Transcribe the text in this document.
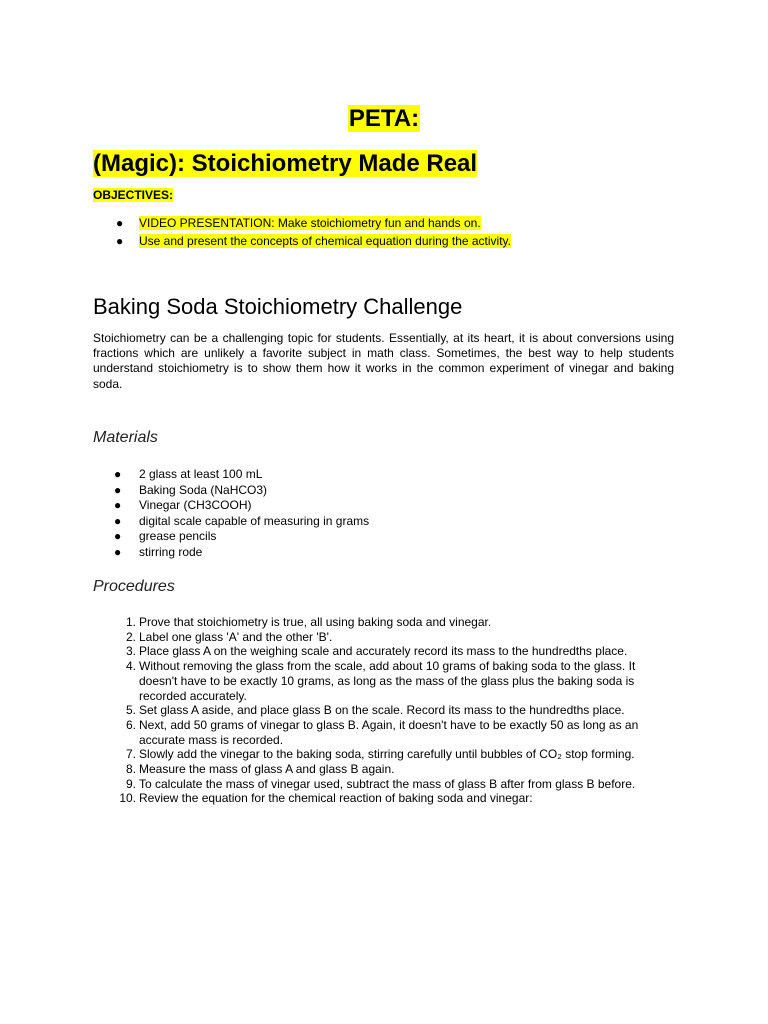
PETA:
(Magic): Stoichiometry Made Real
OBJECTIVES:
● VIDEO PRESENTATION: Make stoichiometry fun and hands on.
● Use and present the concepts of chemical equation during the activity.
Baking Soda Stoichiometry Challenge
Stoichiometry can be a challenging topic for students. Essentially, at its heart, it is about conversions using fractions which are unlikely a favorite subject in math class. Sometimes, the best way to help students understand stoichiometry is to show them how it works in the common experiment of vinegar and baking soda.
Materials
● 2 glass at least 100 mL
● Baking Soda (NaHCO3)
● Vinegar (CH3COOH)
● digital scale capable of measuring in grams
● grease pencils
● stirring rode
Procedures
1. Prove that stoichiometry is true, all using baking soda and vinegar.
2. Label one glass 'A' and the other 'B'.
3. Place glass A on the weighing scale and accurately record its mass to the hundredths place.
4. Without removing the glass from the scale, add about 10 grams of baking soda to the glass. It doesn't have to be exactly 10 grams, as long as the mass of the glass plus the baking soda is recorded accurately.
5. Set glass A aside, and place glass B on the scale. Record its mass to the hundredths place.
6. Next, add 50 grams of vinegar to glass B. Again, it doesn't have to be exactly 50 as long as an accurate mass is recorded.
7. Slowly add the vinegar to the baking soda, stirring carefully until bubbles of CO₂ stop forming.
8. Measure the mass of glass A and glass B again.
9. To calculate the mass of vinegar used, subtract the mass of glass B after from glass B before.
10. Review the equation for the chemical reaction of baking soda and vinegar:
